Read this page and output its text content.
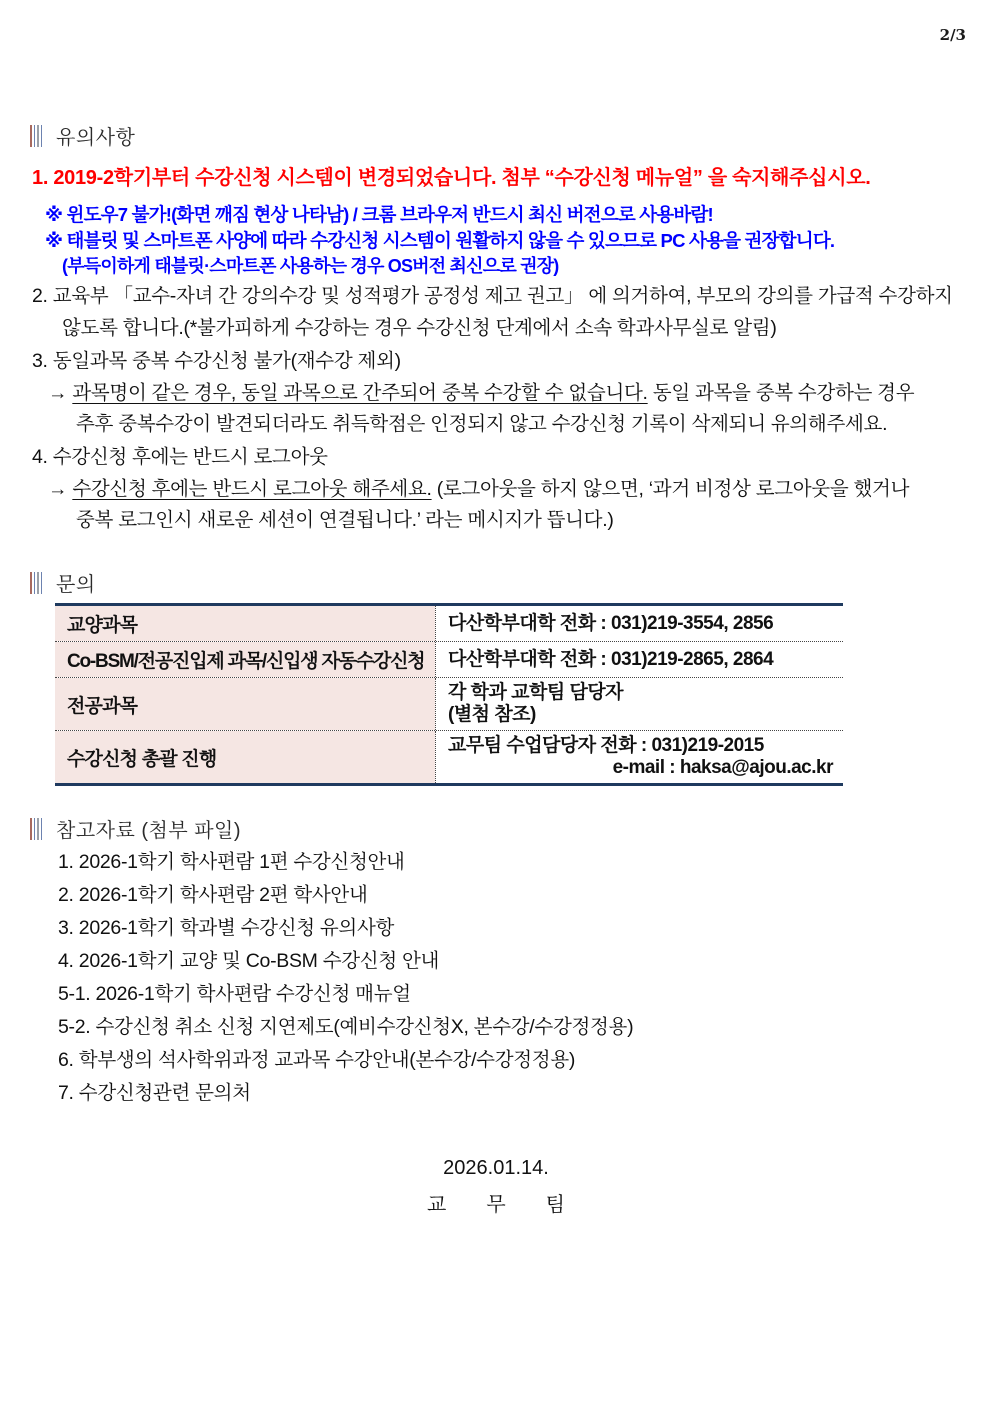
2/3
유의사항
1. 2019-2학기부터 수강신청 시스템이 변경되었습니다. 첨부 “수강신청 메뉴얼” 을 숙지해주십시오.
※ 윈도우7 불가!(화면 깨짐 현상 나타남) / 크롬 브라우저 반드시 최신 버전으로 사용바람!
※ 태블릿 및 스마트폰 사양에 따라 수강신청 시스템이 원활하지 않을 수 있으므로 PC 사용을 권장합니다.
(부득이하게 태블릿·스마트폰 사용하는 경우 OS버전 최신으로 권장)
2. 교육부 「교수-자녀 간 강의수강 및 성적평가 공정성 제고 권고」 에 의거하여, 부모의 강의를 가급적 수강하지
않도록 합니다.(*불가피하게 수강하는 경우 수강신청 단계에서 소속 학과사무실로 알림)
3. 동일과목 중복 수강신청 불가(재수강 제외)
→ 과목명이 같은 경우, 동일 과목으로 간주되어 중복 수강할 수 없습니다. 동일 과목을 중복 수강하는 경우
추후 중복수강이 발견되더라도 취득학점은 인정되지 않고 수강신청 기록이 삭제되니 유의해주세요.
4. 수강신청 후에는 반드시 로그아웃
→ 수강신청 후에는 반드시 로그아웃 해주세요. (로그아웃을 하지 않으면, ‘과거 비정상 로그아웃을 했거나
중복 로그인시 새로운 세션이 연결됩니다.’ 라는 메시지가 뜹니다.)
문의
교양과목	다산학부대학 전화 : 031)219-3554, 2856
Co-BSM/전공진입제 과목/신입생 자동수강신청 다산학부대학 전화 : 031)219-2865, 2864
전공과목
각 학과 교학팀 담당자
(별첨 참조)
수강신청 총괄 진행
교무팀 수업담당자 전화 : 031)219-2015
e-mail : haksa@ajou.ac.kr
참고자료 (첨부 파일)
1. 2026-1학기 학사편람 1편 수강신청안내
2. 2026-1학기 학사편람 2편 학사안내
3. 2026-1학기 학과별 수강신청 유의사항
4. 2026-1학기 교양 및 Co-BSM 수강신청 안내
5-1. 2026-1학기 학사편람 수강신청 매뉴얼
5-2. 수강신청 취소 신청 지연제도(예비수강신청X, 본수강/수강정정용)
6. 학부생의 석사학위과정 교과목 수강안내(본수강/수강정정용)
7. 수강신청관련 문의처
2026.01.14.
교　　무　　팀
